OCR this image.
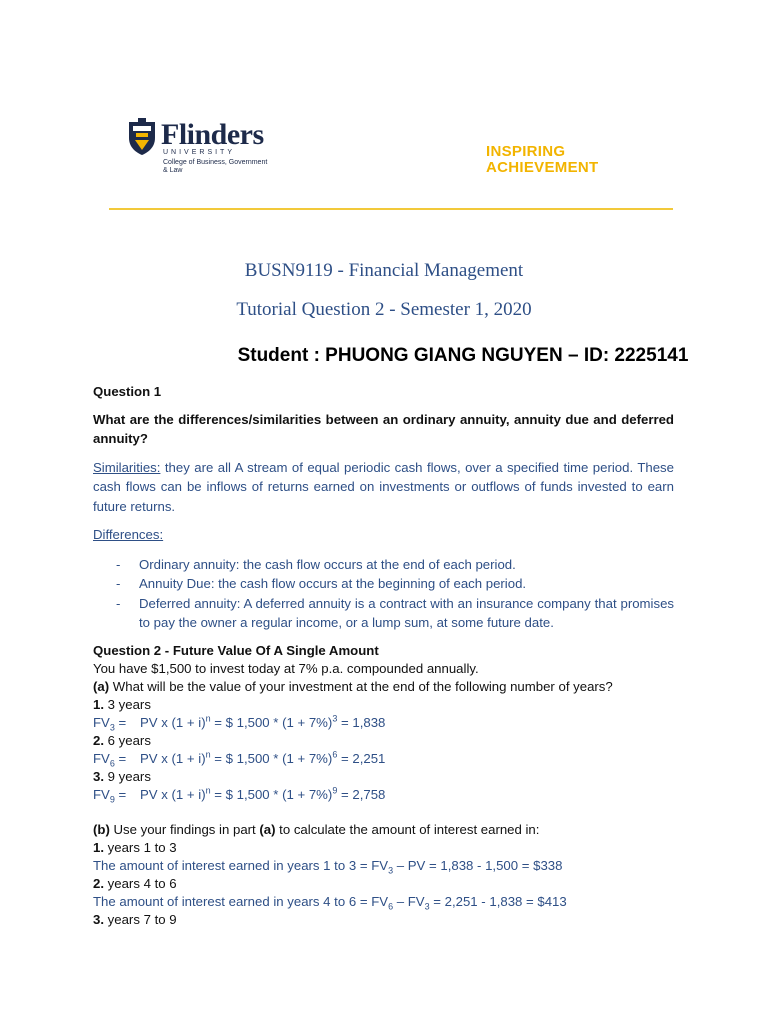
Flinders
UNIVERSITY
College of Business, Government & Law
INSPIRING
ACHIEVEMENT
BUSN9119 - Financial Management
Tutorial Question 2 - Semester 1, 2020
Student : PHUONG GIANG NGUYEN – ID: 2225141
Question 1
What are the differences/similarities between an ordinary annuity, annuity due and deferred annuity?
Similarities: they are all A stream of equal periodic cash flows, over a specified time period. These cash flows can be inflows of returns earned on investments or outflows of funds invested to earn future returns.
Differences:
- Ordinary annuity: the cash flow occurs at the end of each period.
- Annuity Due: the cash flow occurs at the beginning of each period.
- Deferred annuity: A deferred annuity is a contract with an insurance company that promises to pay the owner a regular income, or a lump sum, at some future date.
Question 2 - Future Value Of A Single Amount
You have $1,500 to invest today at 7% p.a. compounded annually.
(a) What will be the value of your investment at the end of the following number of years?
1. 3 years
$FV_3$ = PV x $(1 + i)^n$ = $ $1,500 * (1 + 7\%)^3 = 1,838$
2. 6 years
$FV_6$ = PV x $(1 + i)^n$ = $ $1,500 * (1 + 7\%)^6 = 2,251$
3. 9 years
$FV_9$ = PV x $(1 + i)^n$ = $ $1,500 * (1 + 7\%)^9 = 2,758$
(b) Use your findings in part (a) to calculate the amount of interest earned in:
1. years 1 to 3
The amount of interest earned in years 1 to $3 = FV_3$ – PV = 1,838 - 1,500 = $338
2. years 4 to 6
The amount of interest earned in years 4 to $6 = FV_6 - FV_3 = 2,251 - 1,838$ = $413
3. years 7 to 9
